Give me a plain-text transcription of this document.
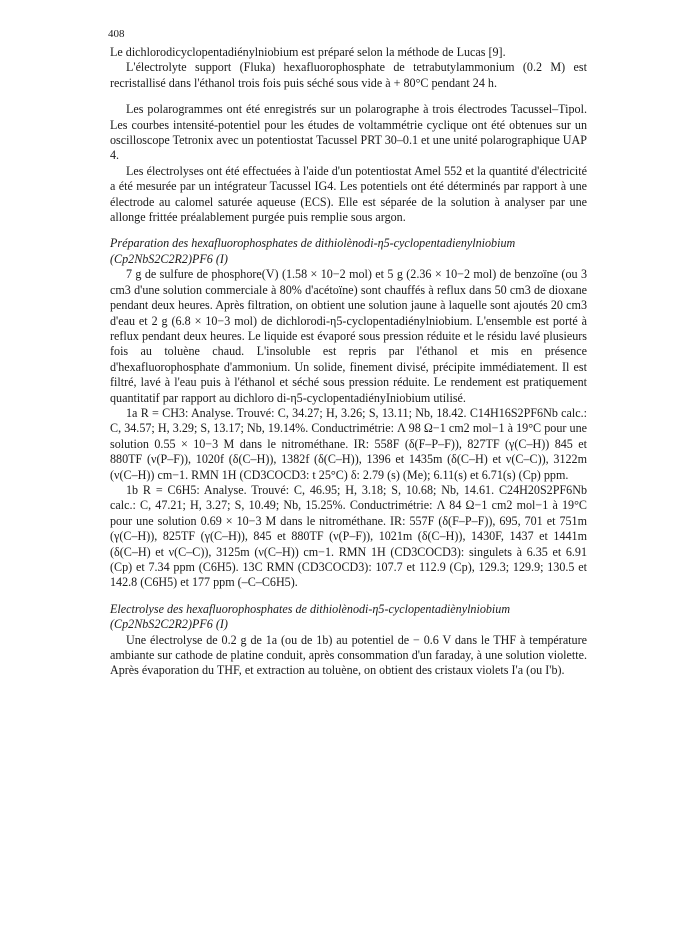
408

Le dichlorodicyclopentadiénylniobium est préparé selon la méthode de Lucas [9].

L'électrolyte support (Fluka) hexafluorophosphate de tetrabutylammonium (0.2 M) est recristallisé dans l'éthanol trois fois puis séché sous vide à + 80°C pendant 24 h.

Les polarogrammes ont été enregistrés sur un polarographe à trois électrodes Tacussel–Tipol. Les courbes intensité-potentiel pour les études de voltammétrie cyclique ont été obtenues sur un oscilloscope Tetronix avec un potentiostat Tacussel PRT 30–0.1 et une unité polarographique UAP 4.

Les électrolyses ont été effectuées à l'aide d'un potentiostat Amel 552 et la quantité d'électricité a été mesurée par un intégrateur Tacussel IG4. Les potentiels ont été déterminés par rapport à une électrode au calomel saturée aqueuse (ECS). Elle est séparée de la solution à analyser par une allonge frittée préalablement purgée puis remplie sous argon.

Préparation des hexafluorophosphates de dithiolènodi-η5-cyclopentadienylniobium (Cp2NbS2C2R2)PF6 (I)

7 g de sulfure de phosphore(V) (1.58 × 10−2 mol) et 5 g (2.36 × 10−2 mol) de benzoïne (ou 3 cm3 d'une solution commerciale à 80% d'acétoïne) sont chauffés à reflux dans 50 cm3 de dioxane pendant deux heures. Après filtration, on obtient une solution jaune à laquelle sont ajoutés 20 cm3 d'eau et 2 g (6.8 × 10−3 mol) de dichlorodi-η5-cyclopentadiénylniobium. L'ensemble est porté à reflux pendant deux heures. Le liquide est évaporé sous pression réduite et le résidu lavé plusieurs fois au toluène chaud. L'insoluble est repris par l'éthanol et mis en présence d'hexafluorophosphate d'ammonium. Un solide, finement divisé, précipite immédiatement. Il est filtré, lavé à l'eau puis à l'éthanol et séché sous pression réduite. Le rendement est pratiquement quantitatif par rapport au dichloro di-η5-cyclopentadiényIniobium utilisé.

1a R = CH3: Analyse. Trouvé: C, 34.27; H, 3.26; S, 13.11; Nb, 18.42. C14H16S2PF6Nb calc.: C, 34.57; H, 3.29; S, 13.17; Nb, 19.14%. Conductrimétrie: Λ 98 Ω−1 cm2 mol−1 à 19°C pour une solution 0.55 × 10−3 M dans le nitrométhane. IR: 558F (δ(F–P–F)), 827TF (γ(C–H)) 845 et 880TF (ν(P–F)), 1020f (δ(C–H)), 1382f (δ(C–H)), 1396 et 1435m (δ(C–H) et ν(C–C)), 3122m (ν(C–H)) cm−1. RMN 1H (CD3COCD3: t 25°C) δ: 2.79 (s) (Me); 6.11(s) et 6.71(s) (Cp) ppm.

1b R = C6H5: Analyse. Trouvé: C, 46.95; H, 3.18; S, 10.68; Nb, 14.61. C24H20S2PF6Nb calc.: C, 47.21; H, 3.27; S, 10.49; Nb, 15.25%. Conductrimétrie: Λ 84 Ω−1 cm2 mol−1 à 19°C pour une solution 0.69 × 10−3 M dans le nitrométhane. IR: 557F (δ(F–P–F)), 695, 701 et 751m (γ(C–H)), 825TF (γ(C–H)), 845 et 880TF (ν(P–F)), 1021m (δ(C–H)), 1430F, 1437 et 1441m (δ(C–H) et ν(C–C)), 3125m (ν(C–H)) cm−1. RMN 1H (CD3COCD3): singulets à 6.35 et 6.91 (Cp) et 7.34 ppm (C6H5). 13C RMN (CD3COCD3): 107.7 et 112.9 (Cp), 129.3; 129.9; 130.5 et 142.8 (C6H5) et 177 ppm (–C–C6H5).

Electrolyse des hexafluorophosphates de dithiolènodi-η5-cyclopentadiènylniobium (Cp2NbS2C2R2)PF6 (I)

Une électrolyse de 0.2 g de 1a (ou de 1b) au potentiel de − 0.6 V dans le THF à température ambiante sur cathode de platine conduit, après consommation d'un faraday, à une solution violette. Après évaporation du THF, et extraction au toluène, on obtient des cristaux violets I'a (ou I'b).
